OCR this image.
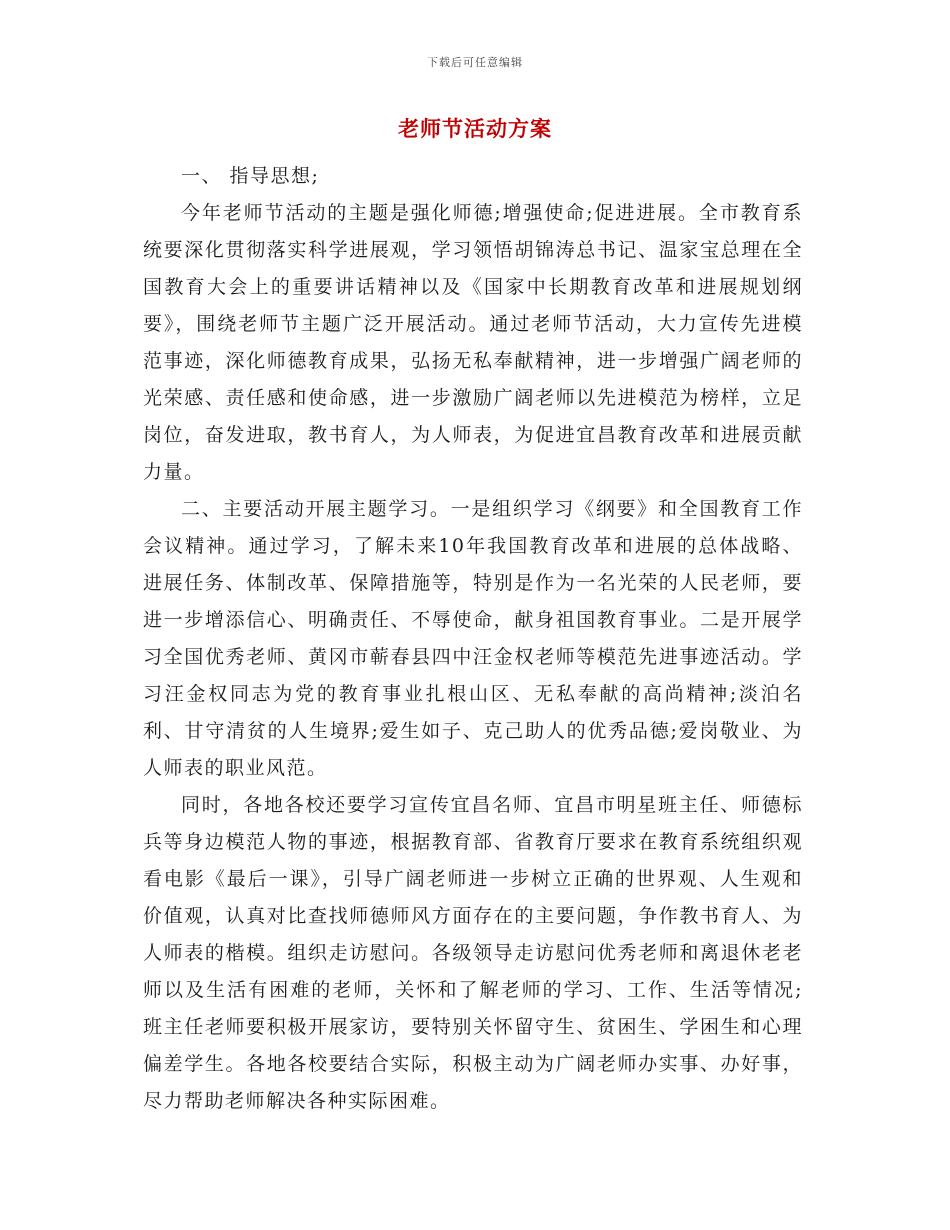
下载后可任意编辑
老师节活动方案

一、 指导思想;

今年老师节活动的主题是强化师德;增强使命;促进进展。全市教育系统要深化贯彻落实科学进展观，学习领悟胡锦涛总书记、温家宝总理在全国教育大会上的重要讲话精神以及《国家中长期教育改革和进展规划纲要》，围绕老师节主题广泛开展活动。通过老师节活动，大力宣传先进模范事迹，深化师德教育成果，弘扬无私奉献精神，进一步增强广阔老师的光荣感、责任感和使命感，进一步激励广阔老师以先进模范为榜样，立足岗位，奋发进取，教书育人，为人师表，为促进宜昌教育改革和进展贡献力量。

二、主要活动开展主题学习。一是组织学习《纲要》和全国教育工作会议精神。通过学习，了解未来10年我国教育改革和进展的总体战略、进展任务、体制改革、保障措施等，特别是作为一名光荣的人民老师，要进一步增添信心、明确责任、不辱使命，献身祖国教育事业。二是开展学习全国优秀老师、黄冈市蕲春县四中汪金权老师等模范先进事迹活动。学习汪金权同志为党的教育事业扎根山区、无私奉献的高尚精神;淡泊名利、甘守清贫的人生境界;爱生如子、克己助人的优秀品德;爱岗敬业、为人师表的职业风范。

同时，各地各校还要学习宣传宜昌名师、宜昌市明星班主任、师德标兵等身边模范人物的事迹，根据教育部、省教育厅要求在教育系统组织观看电影《最后一课》，引导广阔老师进一步树立正确的世界观、人生观和价值观，认真对比查找师德师风方面存在的主要问题，争作教书育人、为人师表的楷模。组织走访慰问。各级领导走访慰问优秀老师和离退休老老师以及生活有困难的老师，关怀和了解老师的学习、工作、生活等情况;班主任老师要积极开展家访，要特别关怀留守生、贫困生、学困生和心理偏差学生。各地各校要结合实际，积极主动为广阔老师办实事、办好事，尽力帮助老师解决各种实际困难。
